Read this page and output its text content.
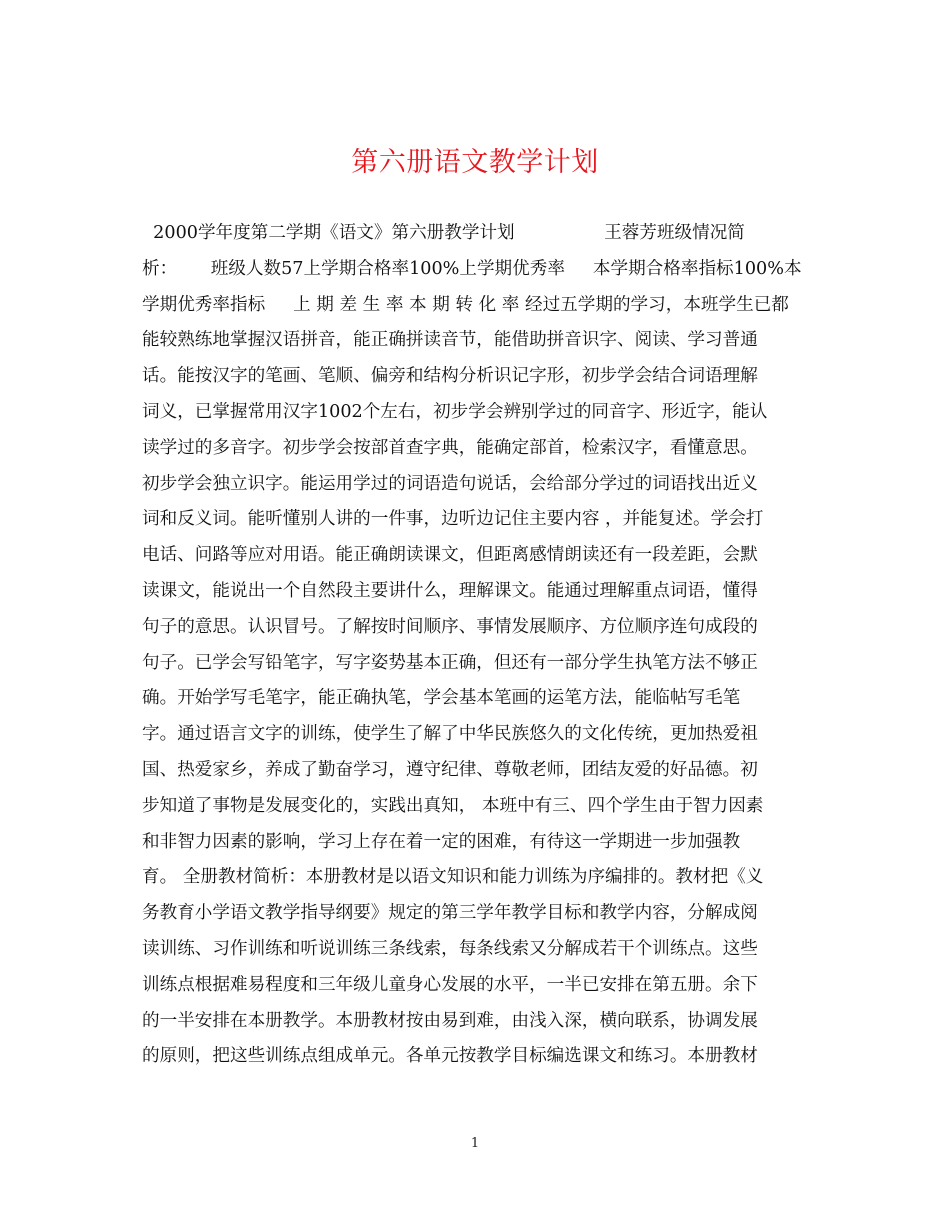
第六册语文教学计划
2000学年度第二学期《语文》第六册教学计划                王蓉芳班级情况简
析：      班级人数57上学期合格率100%上学期优秀率     本学期合格率指标100%本
学期优秀率指标     上 期 差 生 率 本 期 转 化 率 经过五学期的学习，本班学生已都
能较熟练地掌握汉语拼音，能正确拼读音节，能借助拼音识字、阅读、学习普通
话。能按汉字的笔画、笔顺、偏旁和结构分析识记字形，初步学会结合词语理解
词义，已掌握常用汉字1002个左右，初步学会辨别学过的同音字、形近字，能认
读学过的多音字。初步学会按部首查字典，能确定部首，检索汉字，看懂意思。
初步学会独立识字。能运用学过的词语造句说话，会给部分学过的词语找出近义
词和反义词。能听懂别人讲的一件事，边听边记住主要内容 ，并能复述。学会打
电话、问路等应对用语。能正确朗读课文，但距离感情朗读还有一段差距，会默
读课文，能说出一个自然段主要讲什么，理解课文。能通过理解重点词语，懂得
句子的意思。认识冒号。了解按时间顺序、事情发展顺序、方位顺序连句成段的
句子。已学会写铅笔字，写字姿势基本正确，但还有一部分学生执笔方法不够正
确。开始学写毛笔字，能正确执笔，学会基本笔画的运笔方法，能临帖写毛笔
字。通过语言文字的训练，使学生了解了中华民族悠久的文化传统，更加热爱祖
国、热爱家乡，养成了勤奋学习，遵守纪律、尊敬老师，团结友爱的好品德。初
步知道了事物是发展变化的，实践出真知， 本班中有三、四个学生由于智力因素
和非智力因素的影响，学习上存在着一定的困难，有待这一学期进一步加强教
育。 全册教材简析：本册教材是以语文知识和能力训练为序编排的。教材把《义
务教育小学语文教学指导纲要》规定的第三学年教学目标和教学内容，分解成阅
读训练、习作训练和听说训练三条线索，每条线索又分解成若干个训练点。这些
训练点根据难易程度和三年级儿童身心发展的水平，一半已安排在第五册。余下
的一半安排在本册教学。本册教材按由易到难，由浅入深，横向联系，协调发展
的原则，把这些训练点组成单元。各单元按教学目标编选课文和练习。本册教材
1
